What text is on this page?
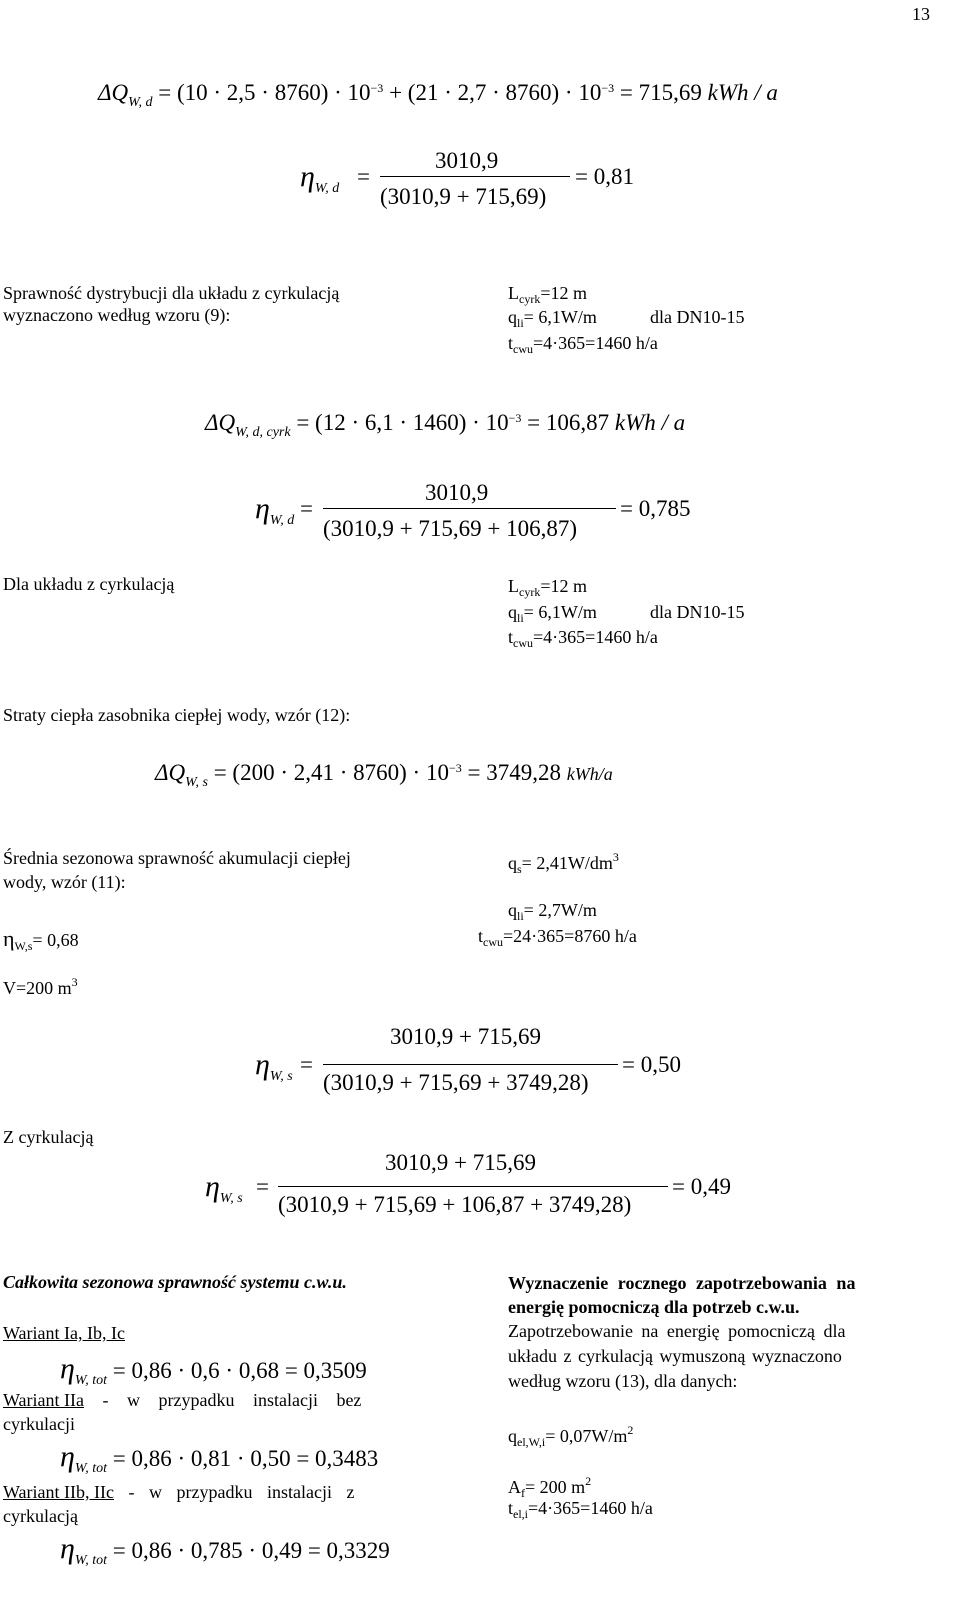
13
$\Delta Q_{W, d} = (10 \cdot 2,5 \cdot 8760) \cdot 10^{-3} + (21 \cdot 2,7 \cdot 8760) \cdot 10^{-3} = 715,69$ kWh / a
$\eta_{W, d}$ =
3010,9
(3010,9 + 715,69)
= 0,81
Sprawność dystrybucji dla układu z cyrkulacją
wyznaczono według wzoru (9):
$L_{cyrk}=12$ m
$q_{li}= 6,1W/m$	dla DN10-15
$t_{cwu}=4\cdot 365=1460$ h/a
$\Delta Q_{W, d, cyrk} = (12 \cdot 6,1 \cdot 1460) \cdot 10^{-3} = 106,87$ kWh / a
$\eta_{W, d}$ =
3010,9
(3010,9 + 715,69 + 106,87)
= 0,785
Dla układu z cyrkulacją	$L_{cyrk}=12$ m
$q_{li}= 6,1W/m$	dla DN10-15
$t_{cwu}=4\cdot 365=1460$ h/a
Straty ciepła zasobnika ciepłej wody, wzór (12):
$\Delta Q_{W, s} = (200 \cdot 2,41 \cdot 8760) \cdot 10^{-3} = 3749,28$ kWh/a
Średnia sezonowa sprawność akumulacji ciepłej
wody, wzór (11):
$\eta_{W,s}= 0,68$
V=200 $m^3$
$q_s= 2,41W/dm^3$
$q_{li}= 2,7W/m$
$t_{cwu}=24\cdot 365=8760$ h/a
$\eta_{W, s}$ =
3010,9 + 715,69
(3010,9 + 715,69 + 3749,28)
= 0,50
Z cyrkulacją
$\eta_{W, s}$ =
3010,9 + 715,69
(3010,9 + 715,69 + 106,87 + 3749,28)
= 0,49
Całkowita sezonowa sprawność systemu c.w.u.
Wariant Ia, Ib, Ic
$\eta_{W, tot} = 0,86 \cdot 0,6 \cdot 0,68 = 0,3509$
Wariant IIa - w przypadku instalacji bez
cyrkulacji
$\eta_{W, tot} = 0,86 \cdot 0,81 \cdot 0,50 = 0,3483$
Wariant IIb, IIc - w przypadku instalacji z
cyrkulacją
$\eta_{W, tot} = 0,86 \cdot 0,785 \cdot 0,49 = 0,3329$
Wyznaczenie rocznego zapotrzebowania na
energię pomocniczą dla potrzeb c.w.u.
Zapotrzebowanie na energię pomocniczą dla
układu z cyrkulacją wymuszoną wyznaczono
według wzoru (13), dla danych:
$q_{el,W,i}= 0,07W/m^2$
$A_f= 200$ $m^2$
$t_{el,i}=4\cdot 365=1460$ h/a
